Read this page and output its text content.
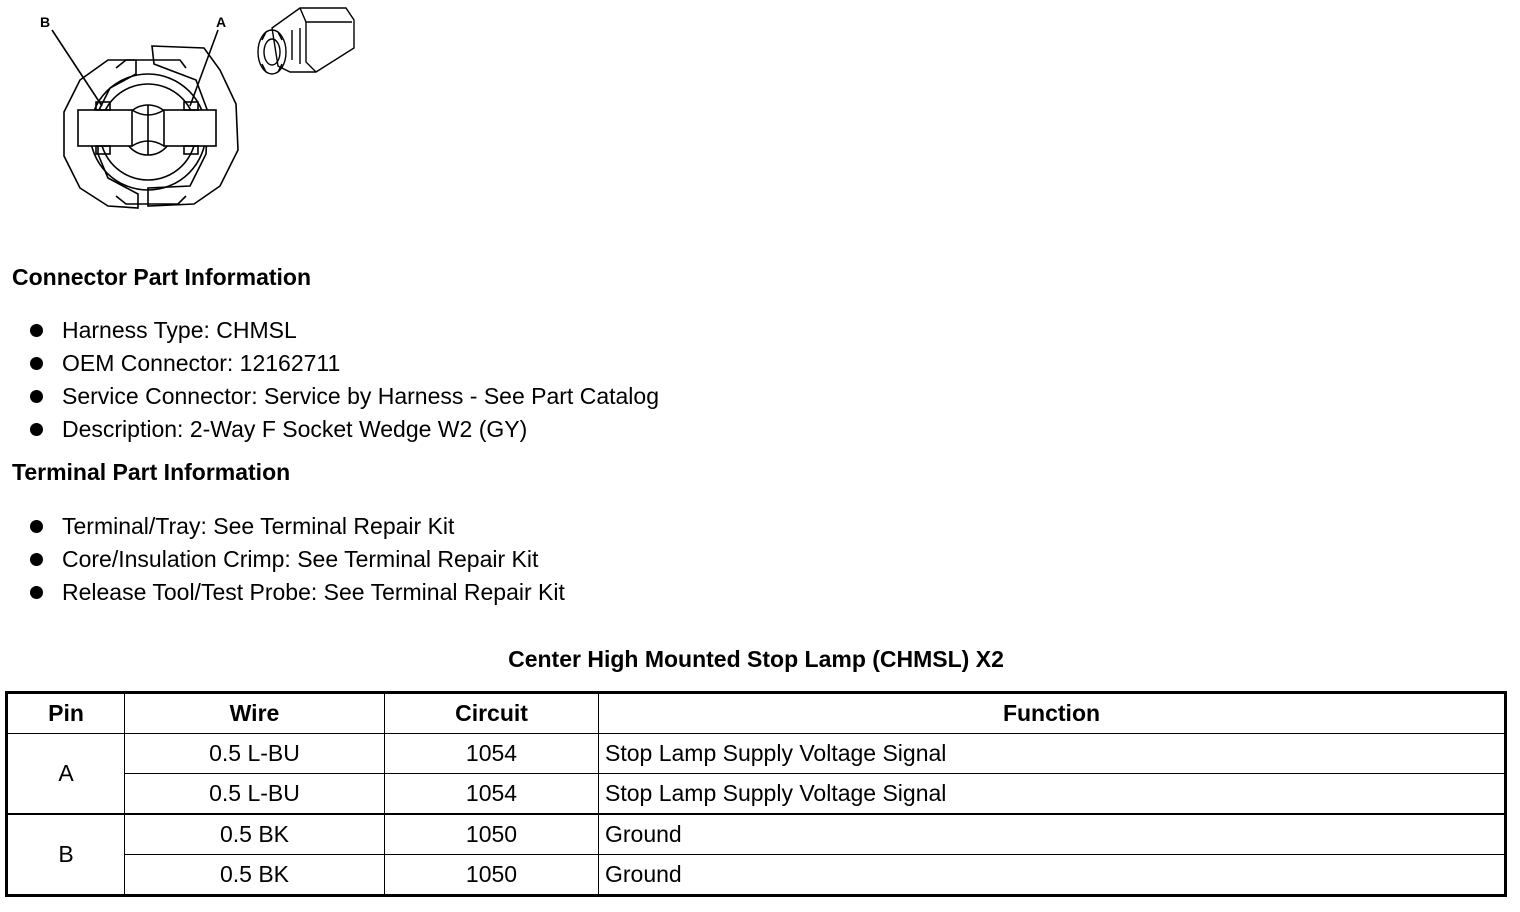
B	A
Connector Part Information
Harness Type: CHMSL
OEM Connector: 12162711
Service Connector: Service by Harness - See Part Catalog
Description: 2-Way F Socket Wedge W2 (GY)
Terminal Part Information
Terminal/Tray: See Terminal Repair Kit
Core/Insulation Crimp: See Terminal Repair Kit
Release Tool/Test Probe: See Terminal Repair Kit
Center High Mounted Stop Lamp (CHMSL) X2
Pin	Wire	Circuit	Function
A	0.5 L-BU	1054	Stop Lamp Supply Voltage Signal
	0.5 L-BU	1054	Stop Lamp Supply Voltage Signal
B	0.5 BK	1050	Ground
	0.5 BK	1050	Ground
